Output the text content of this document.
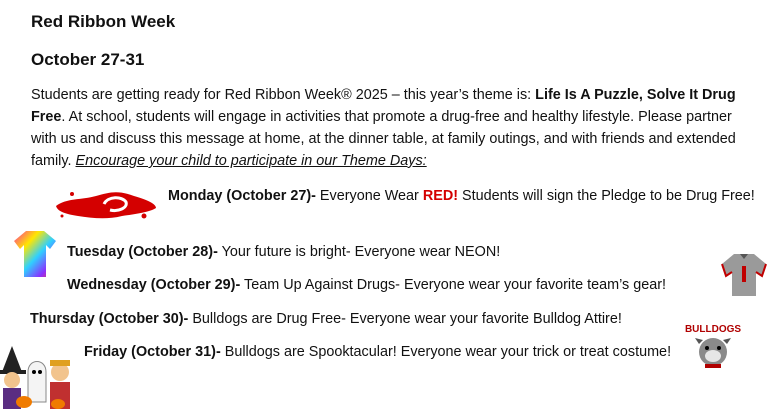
Red Ribbon Week
October 27-31
Students are getting ready for Red Ribbon Week® 2025 – this year’s theme is: Life Is A Puzzle, Solve It Drug Free. At school, students will engage in activities that promote a drug-free and healthy lifestyle. Please partner with us and discuss this message at home, at the dinner table, at family outings, and with friends and extended family. Encourage your child to participate in our Theme Days:
Monday (October 27)- Everyone Wear RED! Students will sign the Pledge to be Drug Free!
Tuesday (October 28)- Your future is bright- Everyone wear NEON!
Wednesday (October 29)- Team Up Against Drugs- Everyone wear your favorite team’s gear!
Thursday (October 30)- Bulldogs are Drug Free- Everyone wear your favorite Bulldog Attire!
BULLDOGS
Friday (October 31)- Bulldogs are Spooktacular! Everyone wear your trick or treat costume!
